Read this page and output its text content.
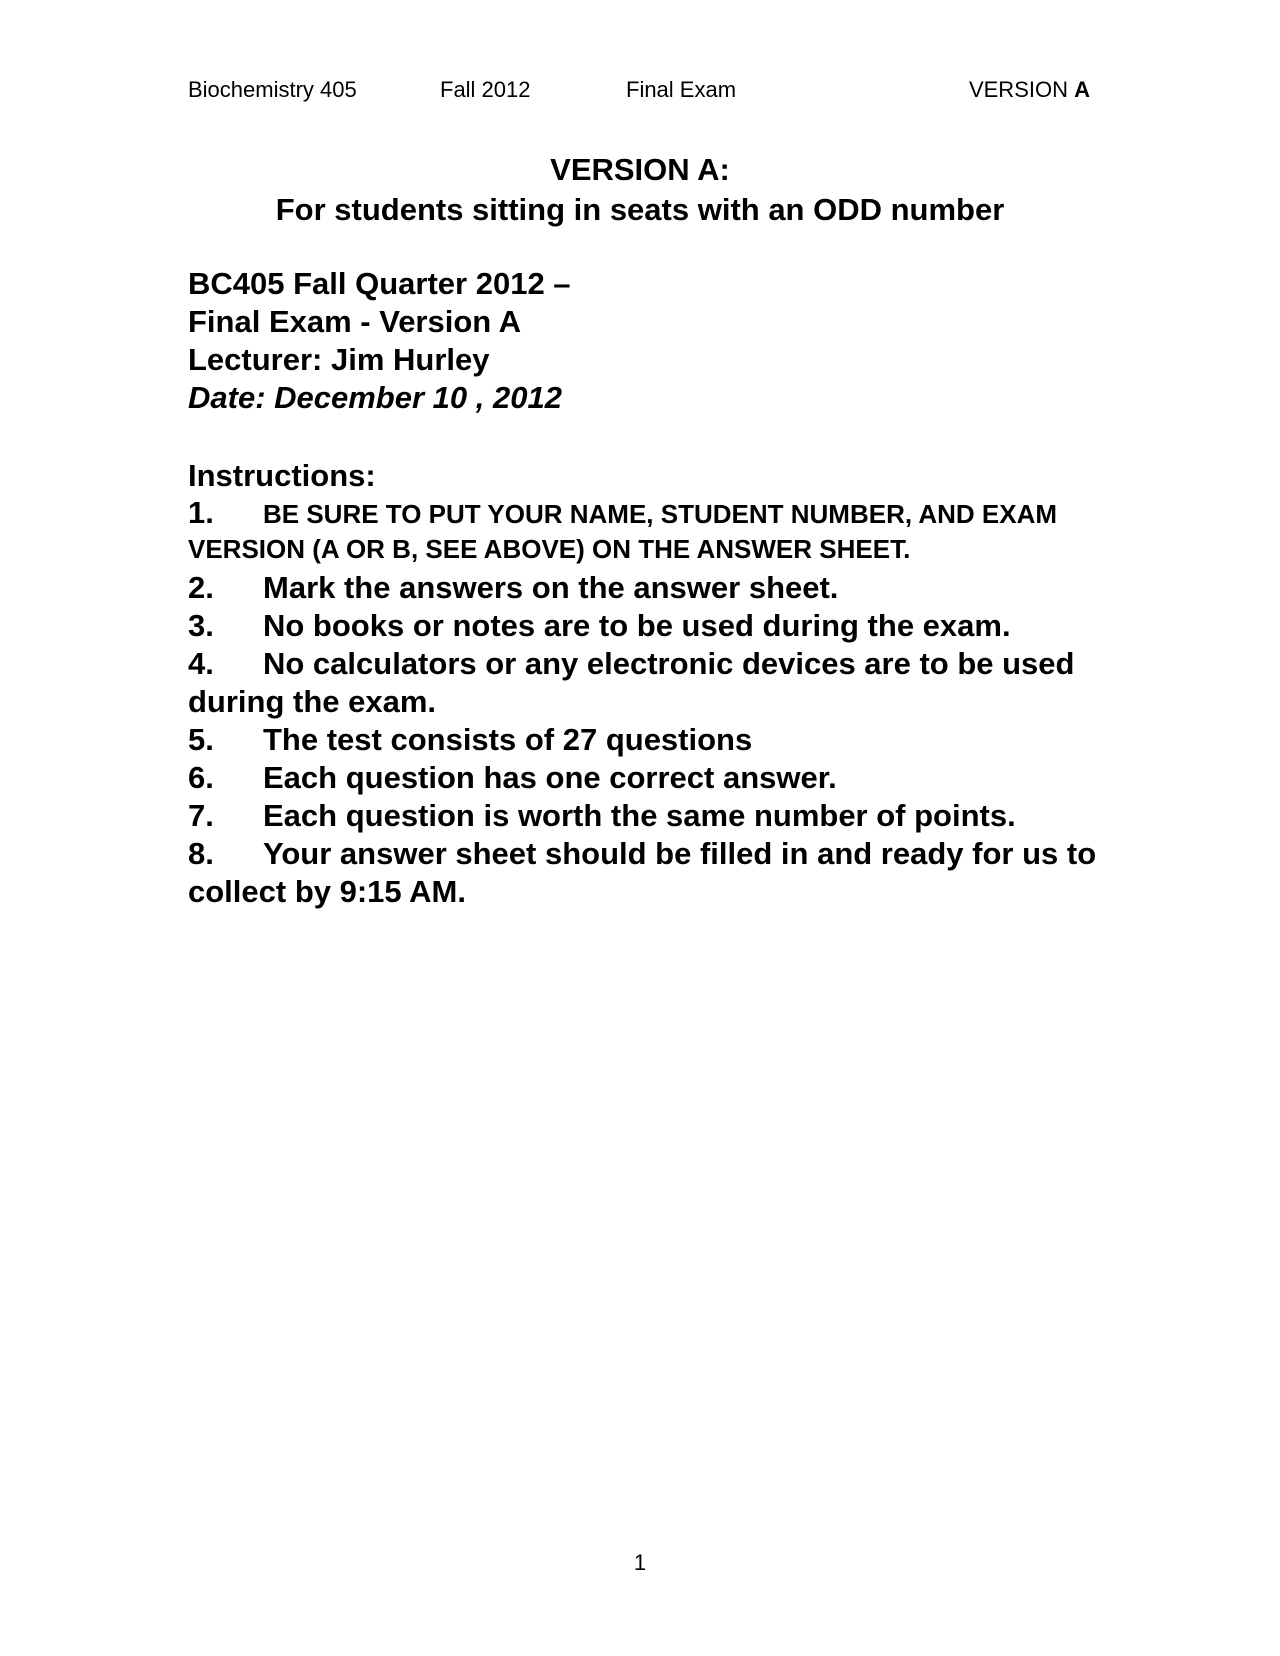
Biochemistry 405	Fall 2012	Final Exam	VERSION A
VERSION A:
For students sitting in seats with an ODD number
BC405 Fall Quarter 2012 –
Final Exam - Version A
Lecturer: Jim Hurley
Date: December 10 , 2012
Instructions:
1. BE SURE TO PUT YOUR NAME, STUDENT NUMBER, AND EXAM VERSION (A OR B, SEE ABOVE) ON THE ANSWER SHEET.
2. Mark the answers on the answer sheet.
3. No books or notes are to be used during the exam.
4. No calculators or any electronic devices are to be used during the exam.
5. The test consists of 27 questions
6. Each question has one correct answer.
7. Each question is worth the same number of points.
8. Your answer sheet should be filled in and ready for us to collect by 9:15 AM.
1
